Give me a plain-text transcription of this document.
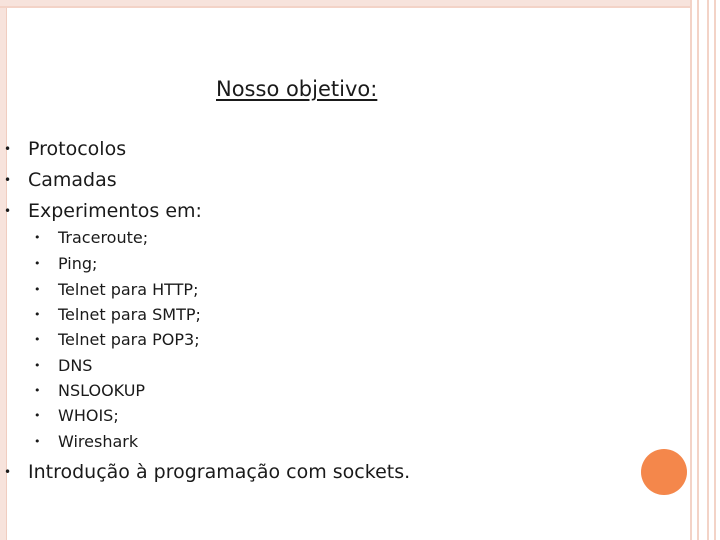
Nosso objetivo:
• Protocolos
• Camadas
• Experimentos em:
• Traceroute;
• Ping;
• Telnet para HTTP;
• Telnet para SMTP;
• Telnet para POP3;
• DNS
• NSLOOKUP
• WHOIS;
• Wireshark
• Introdução à programação com sockets.
